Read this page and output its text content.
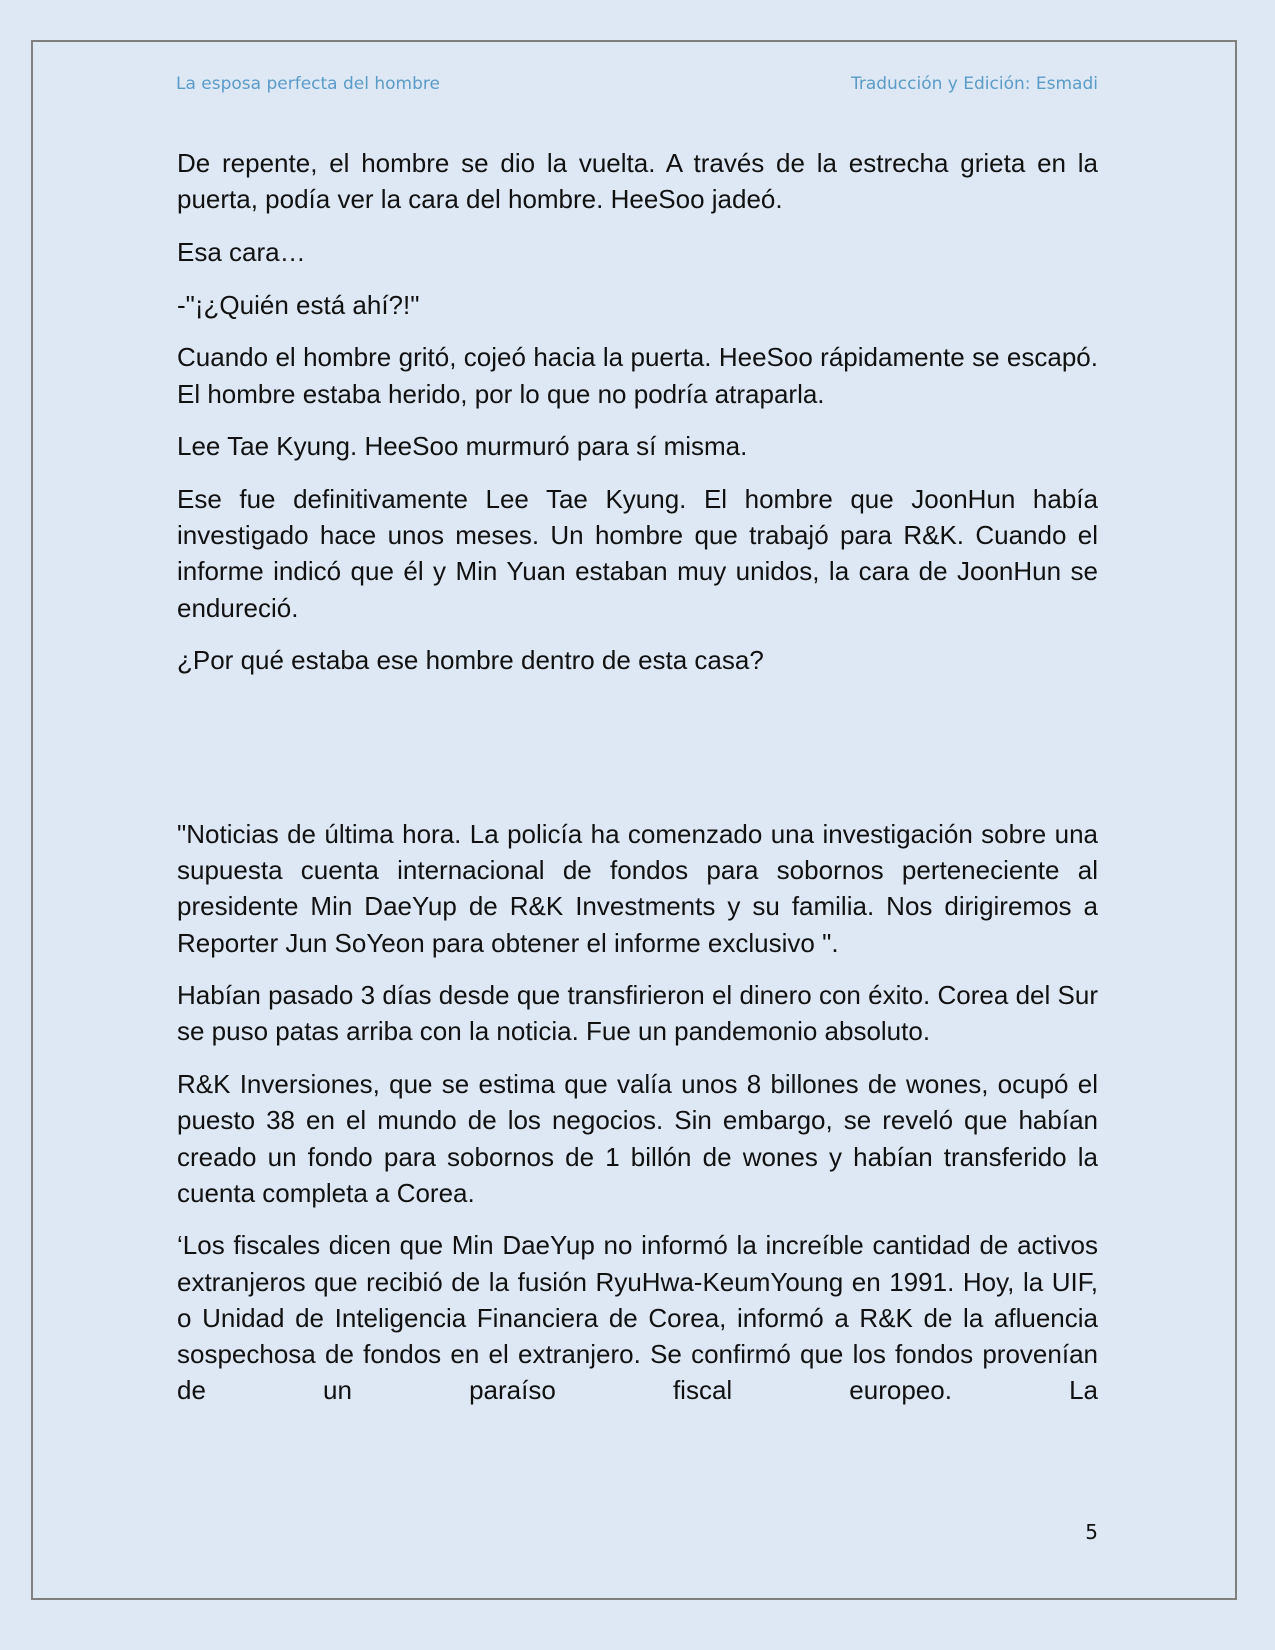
La esposa perfecta del hombre	Traducción y Edición: Esmadi

De repente, el hombre se dio la vuelta. A través de la estrecha grieta en la puerta, podía ver la cara del hombre. HeeSoo jadeó.

Esa cara…

-"¡¿Quién está ahí?!"

Cuando el hombre gritó, cojeó hacia la puerta. HeeSoo rápidamente se escapó. El hombre estaba herido, por lo que no podría atraparla.

Lee Tae Kyung. HeeSoo murmuró para sí misma.

Ese fue definitivamente Lee Tae Kyung. El hombre que JoonHun había investigado hace unos meses. Un hombre que trabajó para R&K. Cuando el informe indicó que él y Min Yuan estaban muy unidos, la cara de JoonHun se endureció.

¿Por qué estaba ese hombre dentro de esta casa?

"Noticias de última hora. La policía ha comenzado una investigación sobre una supuesta cuenta internacional de fondos para sobornos perteneciente al presidente Min DaeYup de R&K Investments y su familia. Nos dirigiremos a Reporter Jun SoYeon para obtener el informe exclusivo ".

Habían pasado 3 días desde que transfirieron el dinero con éxito. Corea del Sur se puso patas arriba con la noticia. Fue un pandemonio absoluto.

R&K Inversiones, que se estima que valía unos 8 billones de wones, ocupó el puesto 38 en el mundo de los negocios. Sin embargo, se reveló que habían creado un fondo para sobornos de 1 billón de wones y habían transferido la cuenta completa a Corea.

‘Los fiscales dicen que Min DaeYup no informó la increíble cantidad de activos extranjeros que recibió de la fusión RyuHwa-KeumYoung en 1991. Hoy, la UIF, o Unidad de Inteligencia Financiera de Corea, informó a R&K de la afluencia sospechosa de fondos en el extranjero. Se confirmó que los fondos provenían de un paraíso fiscal europeo. La

5
